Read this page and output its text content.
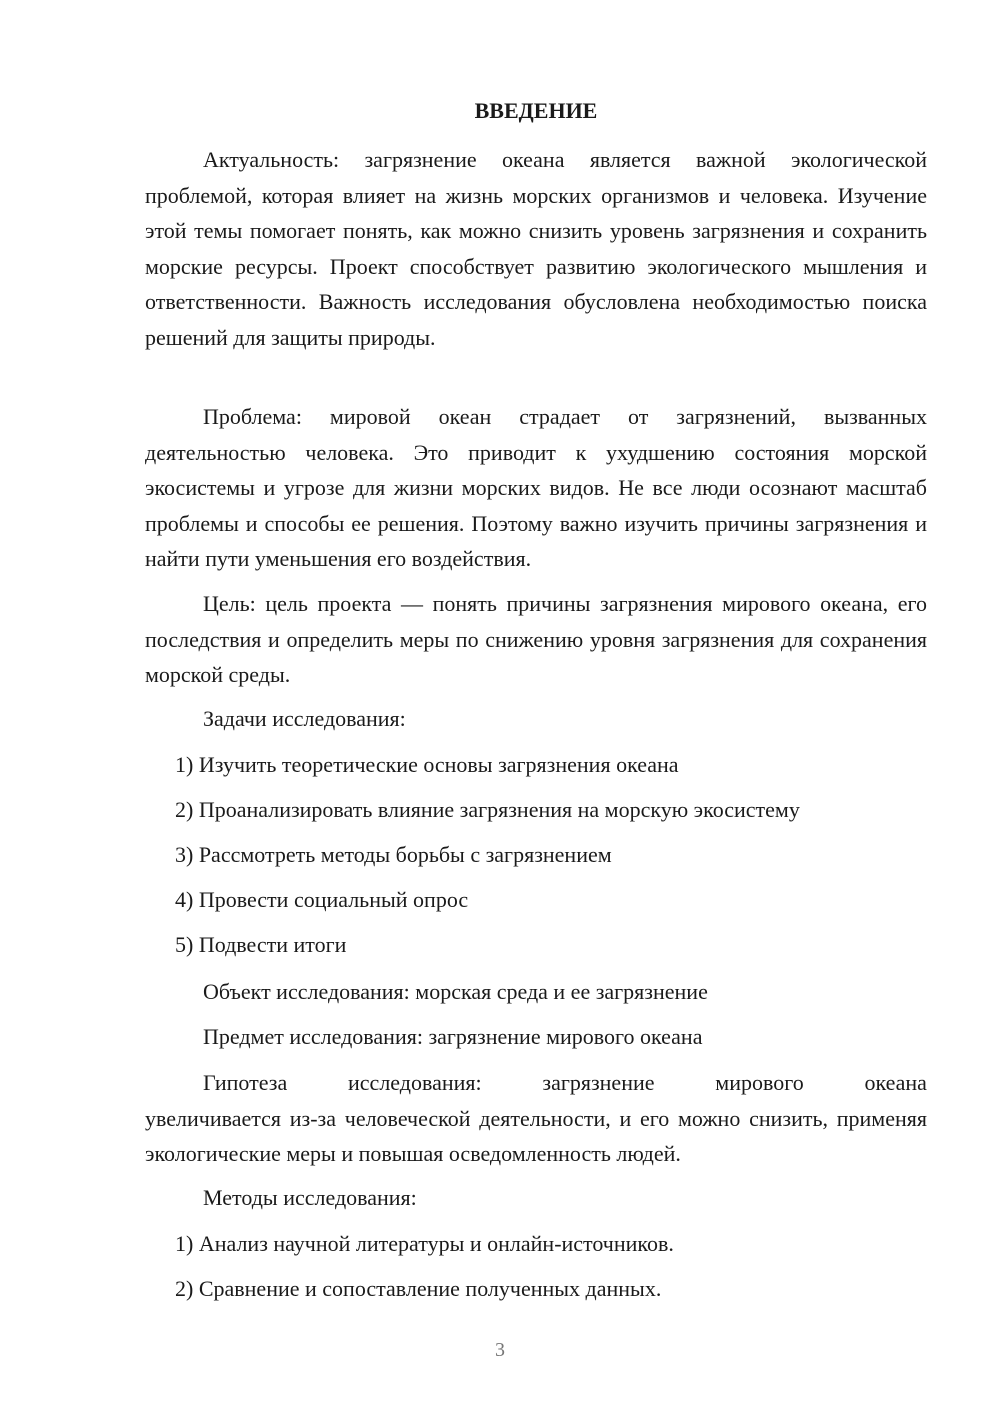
ВВЕДЕНИЕ

Актуальность: загрязнение океана является важной экологической проблемой, которая влияет на жизнь морских организмов и человека. Изучение этой темы помогает понять, как можно снизить уровень загрязнения и сохранить морские ресурсы. Проект способствует развитию экологического мышления и ответственности. Важность исследования обусловлена необходимостью поиска решений для защиты природы.

Проблема: мировой океан страдает от загрязнений, вызванных деятельностью человека. Это приводит к ухудшению состояния морской экосистемы и угрозе для жизни морских видов. Не все люди осознают масштаб проблемы и способы ее решения. Поэтому важно изучить причины загрязнения и найти пути уменьшения его воздействия.

Цель: цель проекта — понять причины загрязнения мирового океана, его последствия и определить меры по снижению уровня загрязнения для сохранения морской среды.

Задачи исследования:

1) Изучить теоретические основы загрязнения океана

2) Проанализировать влияние загрязнения на морскую экосистему

3) Рассмотреть методы борьбы с загрязнением

4) Провести социальный опрос

5) Подвести итоги

Объект исследования: морская среда и ее загрязнение

Предмет исследования: загрязнение мирового океана

Гипотеза	исследования:	загрязнение	мирового	океана
увеличивается из-за человеческой деятельности, и его можно снизить, применяя экологические меры и повышая осведомленность людей.

Методы исследования:

1) Анализ научной литературы и онлайн-источников.

2) Сравнение и сопоставление полученных данных.

3
